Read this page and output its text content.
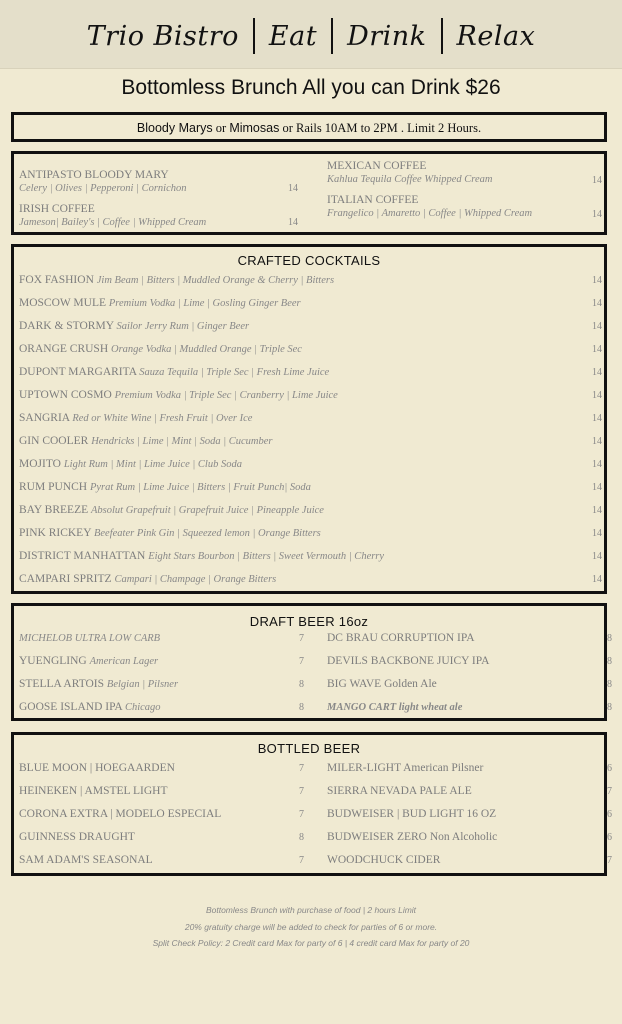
Trio Bistro	Eat	Drink	Relax
Bottomless Brunch All you can Drink $26
Bloody Marys or Mimosas or Rails 10AM to 2PM . Limit 2 Hours.
ANTIPASTO BLOODY MARY
Celery | Olives | Pepperoni | Cornichon	14
IRISH COFFEE
Jameson| Bailey's | Coffee | Whipped Cream	14
MEXICAN COFFEE
Kahlua Tequila Coffee Whipped Cream	14
ITALIAN COFFEE
Frangelico | Amaretto | Coffee | Whipped Cream	14
CRAFTED COCKTAILS
FOX FASHION Jim Beam | Bitters | Muddled Orange & Cherry | Bitters	14
MOSCOW MULE Premium Vodka | Lime | Gosling Ginger Beer	14
DARK & STORMY Sailor Jerry Rum | Ginger Beer	14
ORANGE CRUSH Orange Vodka | Muddled Orange | Triple Sec	14
DUPONT MARGARITA Sauza Tequila | Triple Sec | Fresh Lime Juice	14
UPTOWN COSMO Premium Vodka | Triple Sec | Cranberry | Lime Juice	14
SANGRIA Red or White Wine | Fresh Fruit | Over Ice	14
GIN COOLER Hendricks | Lime | Mint | Soda | Cucumber	14
MOJITO Light Rum | Mint | Lime Juice | Club Soda	14
RUM PUNCH Pyrat Rum | Lime Juice | Bitters | Fruit Punch| Soda	14
BAY BREEZE Absolut Grapefruit | Grapefruit Juice | Pineapple Juice	14
PINK RICKEY Beefeater Pink Gin | Squeezed lemon | Orange Bitters	14
DISTRICT MANHATTAN Eight Stars Bourbon | Bitters | Sweet Vermouth | Cherry	14
CAMPARI SPRITZ Campari | Champage | Orange Bitters	14
DRAFT BEER 16oz
MICHELOB ULTRA LOW CARB	7
YUENGLING American Lager	7
STELLA ARTOIS Belgian | Pilsner	8
GOOSE ISLAND IPA Chicago	8
DC BRAU CORRUPTION IPA	8
DEVILS BACKBONE JUICY IPA	8
BIG WAVE Golden Ale	8
MANGO CART light wheat ale	8
BOTTLED BEER
BLUE MOON | HOEGAARDEN	7
HEINEKEN | AMSTEL LIGHT	7
CORONA EXTRA | MODELO ESPECIAL	7
GUINNESS DRAUGHT	8
SAM ADAM'S SEASONAL	7
MILER-LIGHT American Pilsner	6
SIERRA NEVADA PALE ALE	7
BUDWEISER | BUD LIGHT 16 OZ	6
BUDWEISER ZERO Non Alcoholic	6
WOODCHUCK CIDER	7
Bottomless Brunch with purchase of food | 2 hours Limit
20% gratuity charge will be added to check for parties of 6 or more.
Split Check Policy: 2 Credit card Max for party of 6 | 4 credit card Max for party of 20
